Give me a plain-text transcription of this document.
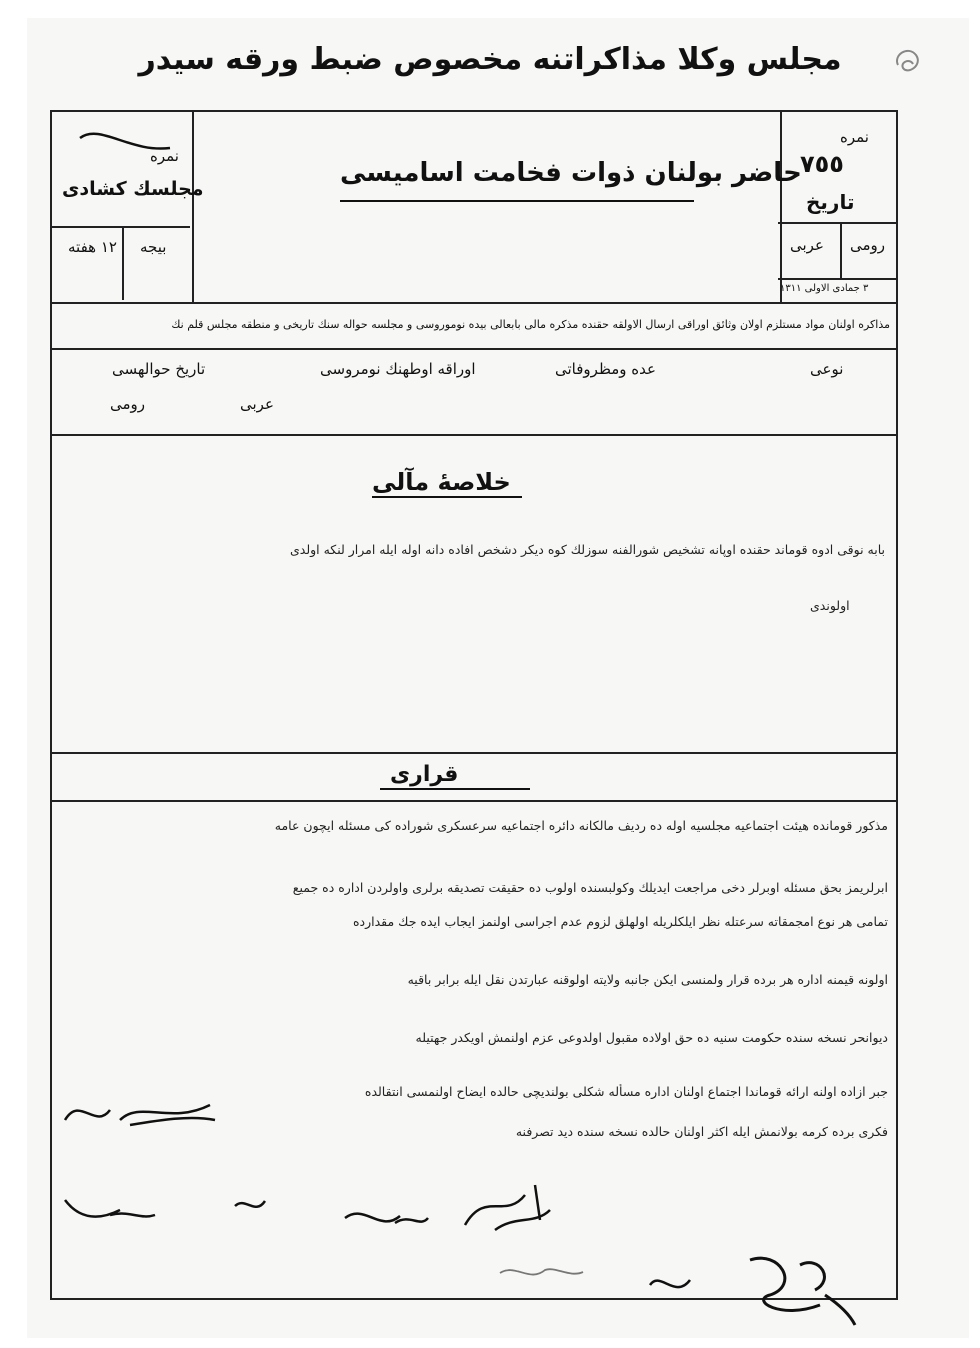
مجلس وكلا مذاكراتنه مخصوص ضبط ورقه سيدر
نمره
مجلسك كشادى
بيجه
١٢ هفته
حاضر بولنان ذوات فخامت اسامیسی
نمره
٧٥٥
تاريخ
رومى
عربى
٣ جمادى الاولى ١٣١١
مذاكره اولنان مواد مستلزم اولان وثائق اوراقى ارسال الاولقه حقنده مذكره مالى بابعالى بيده نوموروسى و مجلسه حواله سنك تاريخى و منطقه مجلس قلم نك
نوعى
عده ومظروفاتى
اوراقه اوطهنك نومروسى
تاريخ حوالهسى
عربى
رومى
خلاصهٔ مآلى
بابه نوقى ادوه قوماند حقنده اوپانه تشخیص شورالفنه سوزلك كوه ديكر دشخص افاده دانه اوله ایله امرار لنکه اولدی
اولوندى
قرارى
مذكور قومانده هيئت اجتماعيه مجلسيه اوله ده رديف مالكانه دائره اجتماعيه سرعسكرى شوراده كی مسئله ایچون عامه
ابرلريمز بحق مسئله اوبرلر دخى مراجعت ايدیلك وكولبسنده اولوب ده حقيقت تصديقه برلرى واولردن اداره ده جميع
تمامى هر نوع امجمقاته سرعتله نظر ايلكلريله اولهلق لزوم عدم اجراسى اولنمز ايجاب ايده جك مقدارده
اولونه قيمنه اداره هر برده قرار ولمنسی ايكن جانبه ولايته اولوقنه عبارتدن نقل ايله برابر باقيه
ديوانحر نسخه سنده حكومت سنيه ده حق اولاده مقبول اولدوعى عزم اولنمش اويكدر جهتيله
جبر ازاده اولنه ارائه قوماندا اجتماع اولنان اداره مسأله شكلى بولنديچى حالده ايضاح اولنمسی انتقالده
فكرى برده كرمه بولانمش ايله اكثر اولنان حالده نسخه سنده ديد تصرفنه
